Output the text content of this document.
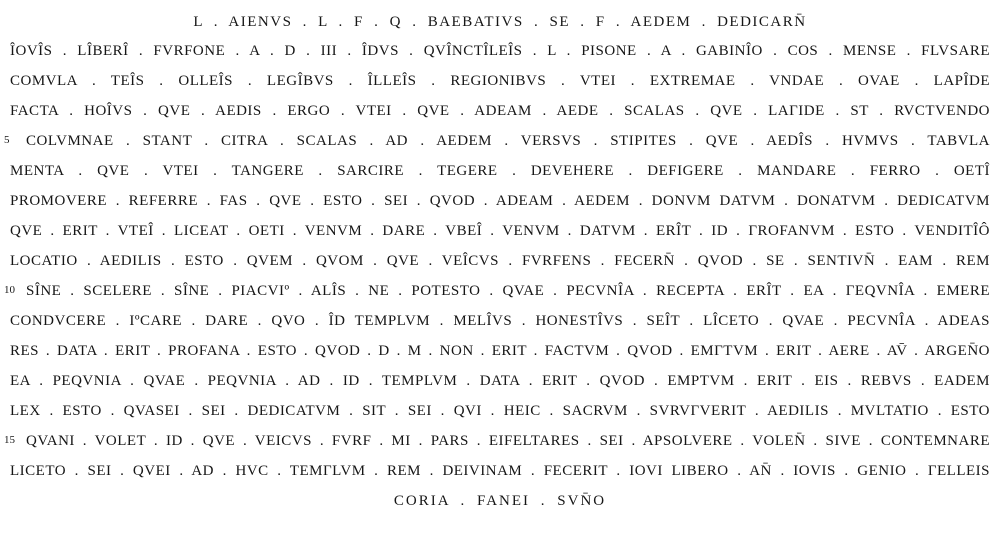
L . AIENVS . L . F . Q . BAEBATIVS . SE . F . AEDEM . DEDICARN̄
ÎOVÎS . LÎBERÎ . FVRFONE . A . D . III . ÎDVS . QVÎNCTÎLEÎS . L . PISONE . A . GABINÎO . COS . MENSE . FLVSARE
COMVLA . TEÎS . OLLEÎS . LEGÎBVS . ÎLLEÎS . REGIONIBVS . VTEI . EXTREMAE . VNDAE . OVAE . LAPÎDE
FACTA . HOÎVS . QVE . AEDIS . ERGO . VTEI . QVE . ADEAM . AEDE . SCALAS . QVE . LAΓIDE . ST . RVCTVENDO
5	COLVMNAE . STANT . CITRA . SCALAS . AD . AEDEM . VERSVS . STIPITES . QVE . AEDÎS . HVMVS . TABVLA
MENTA . QVE . VTEI . TANGERE . SARCIRE . TEGERE . DEVEHERE . DEFIGERE . MANDARE . FERRO . OETÎ
PROMOVERE . REFERRE . FAS . QVE . ESTO . SEI . QVOD . ADEAM . AEDEM . DONVM DATVM . DONATVM . DEDICATVM
QVE . ERIT . VTEÎ . LICEAT . OETI . VENVM . DARE . VBEÎ . VENVM . DATVM . ERÎT . ID . ΓROFANVM . ESTO . VENDITÎÔ
LOCATIO . AEDILIS . ESTO . QVEM . QVOM . QVE . VEÎCVS . FVRFENS . FECERN̄ . QVOD . SE . SENTIVN̄ . EAM . REM
10 SÎNE . SCELERE . SÎNE . PIACVIº . ALÎS . NE . POTESTO . QVAE . PECVNÎA . RECEPTA . ERÎT . EA . ΓEQVNÎA . EMERE
CONDVCERE . IºCARE . DARE . QVO . ÎD TEMPLVM . MELÎVS . HONESTÎVS . SEÎT . LÎCETO . QVAE . PECVNÎA . ADEAS
RES . DATA . ERIT . PROFANA . ESTO . QVOD . D . M . NON . ERIT . FACTVM . QVOD . EMΓTVM . ERIT . AERE . AV̄ . ARGEN̄O
EA . PEQVNIA . QVAE . PEQVNIA . AD . ID . TEMPLVM . DATA . ERIT . QVOD . EMPTVM . ERIT . EIS . REBVS . EADEM
LEX . ESTO . QVASEI . SEI . DEDICATVM . SIT . SEI . QVI . HEIC . SACRVM . SVRVΓVERIT . AEDILIS . MVLTATIO . ESTO
15 QVANI . VOLET . ID . QVE . VEICVS . FVRF . MI . PARS . EIFELTARES . SEI . APSOLVERE . VOLEN̄ . SIVE . CONTEMNARE
LICETO . SEI . QVEI . AD . HVC . TEMΓLVM . REM . DEIVINAM . FECERIT . IOVI LIBERO . AN̄ . IOVIS . GENIO . ΓELLEIS
CORIA . FANEI . SVN̄O
